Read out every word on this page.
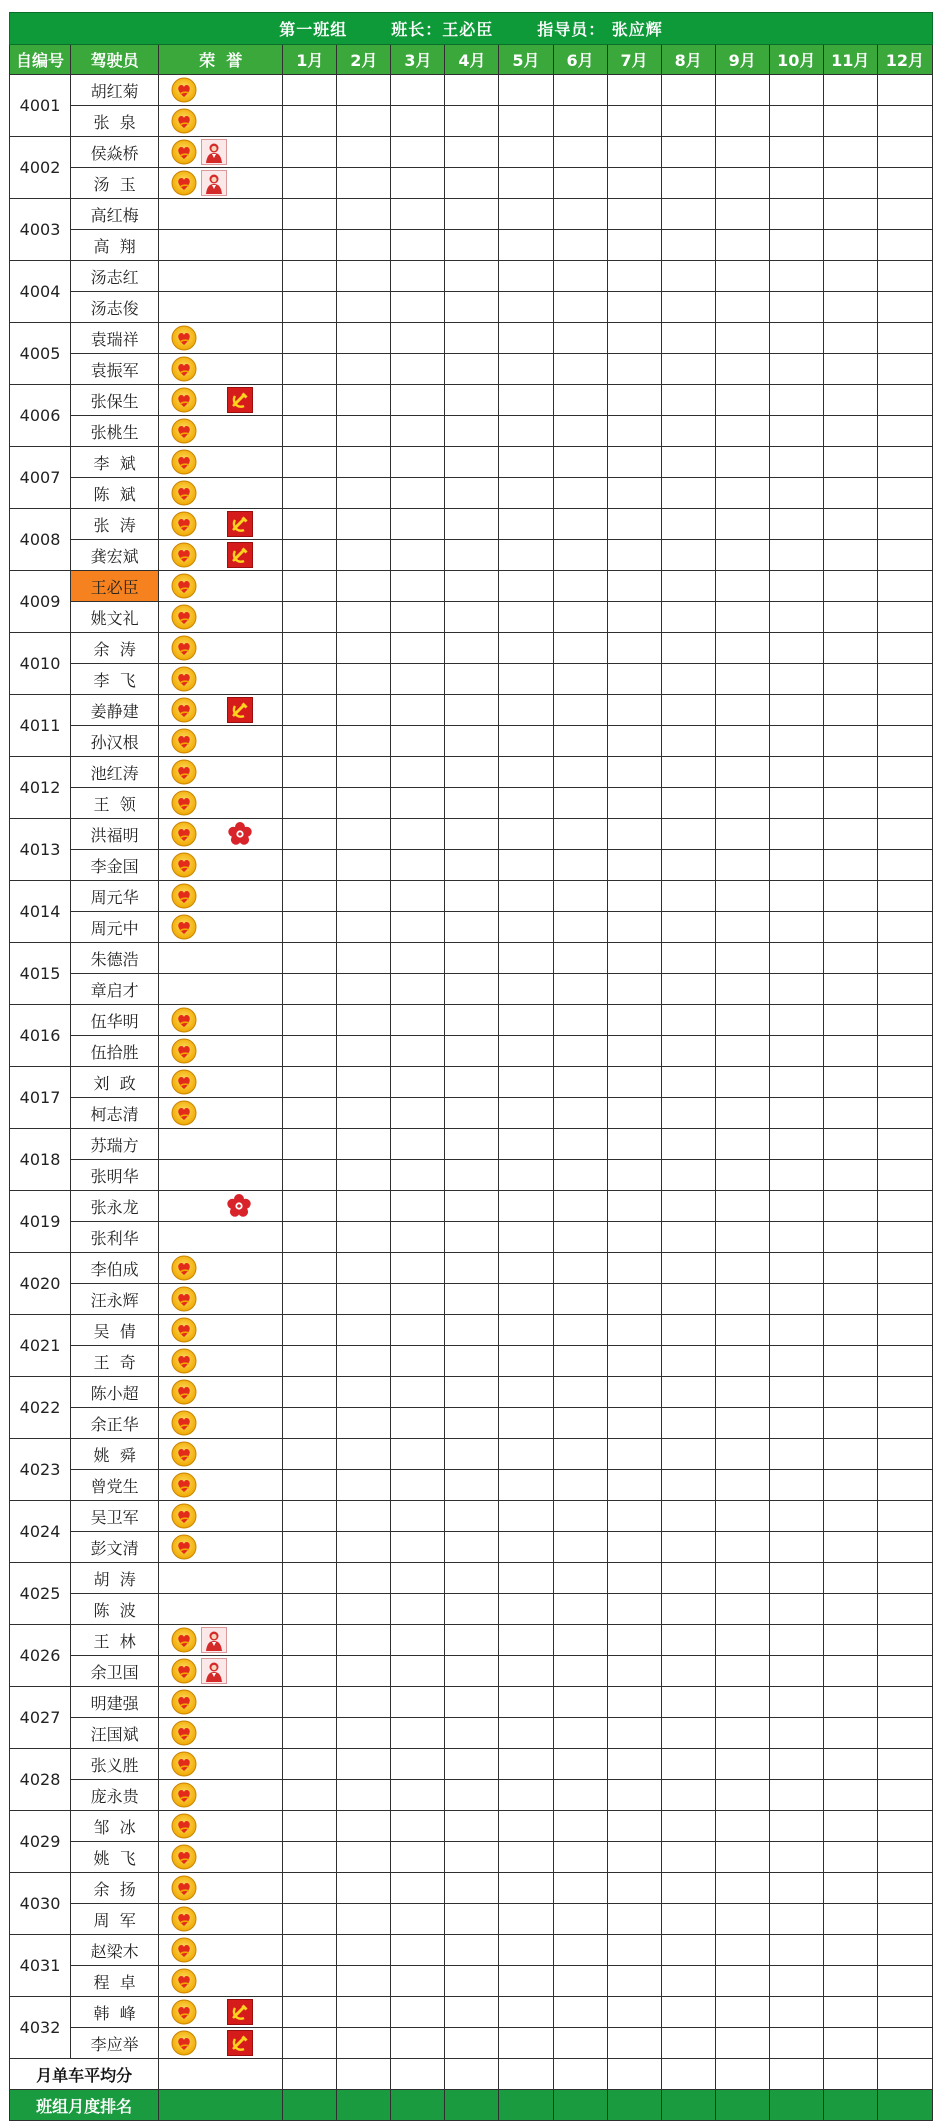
第一班组 班长：王必臣 指导员： 张应辉														
自编号	驾驶员	荣  誉	1月	2月	3月	4月	5月	6月	7月	8月	9月	10月	11月	12月
4001	胡红菊													
	张  泉													
4002	侯焱桥													
	汤  玉													
4003	高红梅													
	高  翔													
4004	汤志红													
	汤志俊													
4005	袁瑞祥													
	袁振军													
4006	张保生													
	张桃生													
4007	李  斌													
	陈  斌													
4008	张  涛													
	龚宏斌													
4009	王必臣													
	姚文礼													
4010	余  涛													
	李  飞													
4011	姜静建													
	孙汉根													
4012	池红涛													
	王  领													
4013	洪福明													
	李金国													
4014	周元华													
	周元中													
4015	朱德浩													
	章启才													
4016	伍华明													
	伍拾胜													
4017	刘  政													
	柯志清													
4018	苏瑞方													
	张明华													
4019	张永龙													
	张利华													
4020	李伯成													
	汪永辉													
4021	吴  倩													
	王  奇													
4022	陈小超													
	余正华													
4023	姚  舜													
	曾党生													
4024	吴卫军													
	彭文清													
4025	胡  涛													
	陈  波													
4026	王  林													
	余卫国													
4027	明建强													
	汪国斌													
4028	张义胜													
	庞永贵													
4029	邹  冰													
	姚  飞													
4030	余  扬													
	周  军													
4031	赵梁木													
	程  卓													
4032	韩  峰													
	李应举													
月单车平均分														
班组月度排名														
